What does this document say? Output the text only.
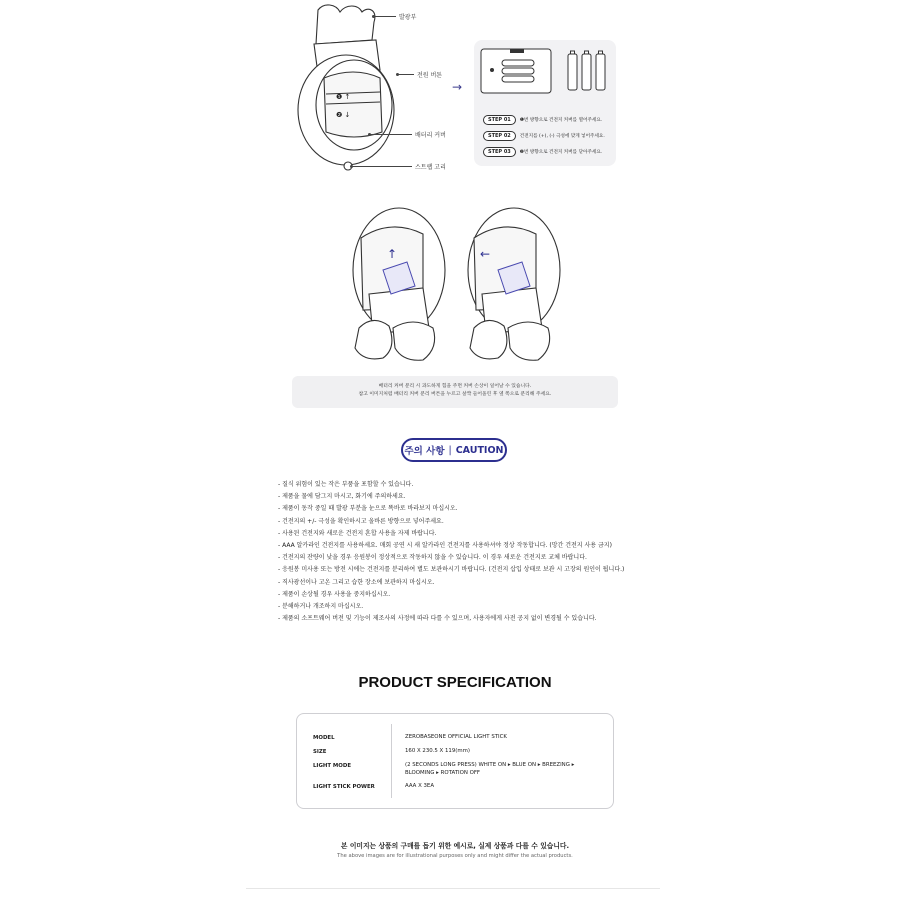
❶ ↑
❷ ↓
발광부
전원 버튼
배터리 커버
스트랩 고리
→
STEP 01	❶번 방향으로 건전지 커버를 열어주세요.
STEP 02	건전지를 (+), (-) 극성에 맞게 넣어주세요.
STEP 03	❷번 방향으로 건전지 커버를 닫아주세요.
↑	←
배터리 커버 분리 시 과도하게 힘을 주면 커버 손상이 일어날 수 있습니다.
참고 이미지처럼 배터리 커버 분리 버튼을 누르고 살짝 들어올린 후 옆 쪽으로 분리해 주세요.
주의 사항 | CAUTION
- 질식 위험이 있는 작은 부품을 포함할 수 있습니다.
- 제품을 물에 담그지 마시고, 화기에 주의하세요.
- 제품이 동작 중일 때 발광 부분을 눈으로 똑바로 바라보지 마십시오.
- 건전지의 +/- 극성을 확인하시고 올바른 방향으로 넣어주세요.
- 사용된 건전지와 새로운 건전지 혼합 사용을 자제 바랍니다.
- AAA 알카라인 건전지를 사용하세요. 매회 공연 시 새 알카라인 건전지를 사용하셔야 정상 작동합니다. (망간 건전지 사용 금지)
- 건전지의 잔량이 낮을 경우 응원봉이 정상적으로 작동하지 않을 수 있습니다. 이 경우 새로운 건전지로 교체 바랍니다.
- 응원봉 미사용 또는 방전 시에는 건전지를 분리하여 별도 보관하시기 바랍니다. (건전지 삽입 상태로 보관 시 고장의 원인이 됩니다.)
- 직사광선이나 고온 그리고 습한 장소에 보관하지 마십시오.
- 제품이 손상될 경우 사용을 중지하십시오.
- 분해하거나 개조하지 마십시오.
- 제품의 소프트웨어 버전 및 기능이 제조사의 사정에 따라 다를 수 있으며, 사용자에게 사전 공지 없이 변경될 수 있습니다.
PRODUCT SPECIFICATION
MODEL	ZEROBASEONE OFFICIAL LIGHT STICK
SIZE	160 X 230.5 X 119(mm)
LIGHT MODE	(2 SECONDS LONG PRESS) WHITE ON ▸ BLUE ON ▸ BREEZING ▸ BLOOMING ▸ ROTATION OFF
LIGHT STICK POWER	AAA X 3EA
본 이미지는 상품의 구매를 돕기 위한 예시로, 실제 상품과 다를 수 있습니다.
The above images are for illustrational purposes only and might differ the actual products.
